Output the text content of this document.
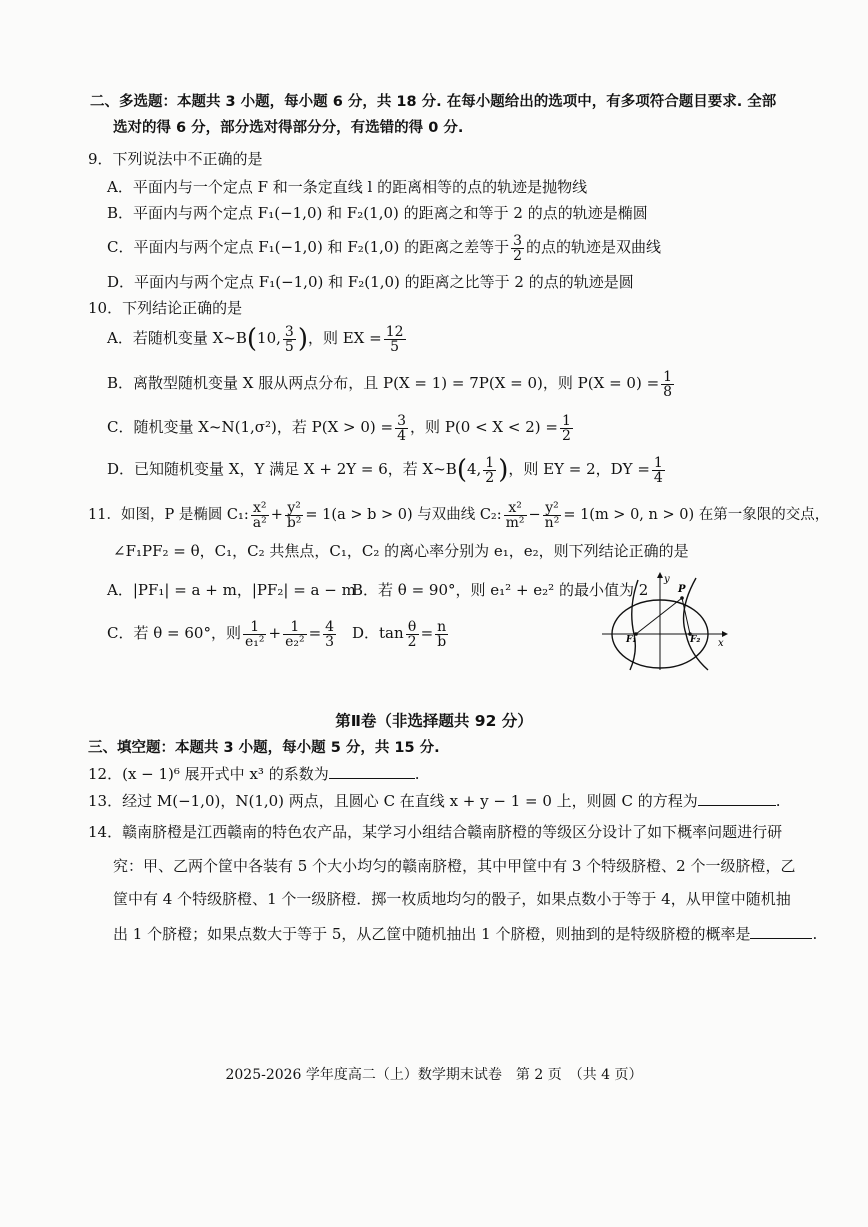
二、多选题：本题共 3 小题，每小题 6 分，共 18 分. 在每小题给出的选项中，有多项符合题目要求. 全部
选对的得 6 分，部分选对得部分分，有选错的得 0 分.
9．下列说法中不正确的是
A．平面内与一个定点 F 和一条定直线 l 的距离相等的点的轨迹是抛物线
B．平面内与两个定点 F₁(−1,0) 和 F₂(1,0) 的距离之和等于 2 的点的轨迹是椭圆
C．平面内与两个定点 F₁(−1,0) 和 F₂(1,0) 的距离之差等于 $\frac{3}{2}$ 的点的轨迹是双曲线
D．平面内与两个定点 F₁(−1,0) 和 F₂(1,0) 的距离之比等于 2 的点的轨迹是圆
10．下列结论正确的是
A．若随机变量 X~B(10, $\frac{3}{5}$ )，则 EX = $\frac{12}{5}$
B．离散型随机变量 X 服从两点分布，且 P(X = 1) = 7P(X = 0)，则 $P(X = 0) = \frac{1}{8}$
C．随机变量 X~N(1,σ²)，若 $P(X > 0) = \frac{3}{4}$ ，则 $P(0 < X < 2) = \frac{1}{2}$
D．已知随机变量 X，Y 满足 X + 2Y = 6，若 X~B(4, $\frac{1}{2}$ )，则 EY = 2，DY = $\frac{1}{4}$
11．如图，P 是椭圆 C₁: $\frac{\text{x²}}{\text{a²}} + \frac{\text{y²}}{\text{b²}} = 1(a > b > 0)$ 与双曲线 C₂: $\frac{\text{x²}}{\text{m²}} - \frac{\text{y²}}{\text{n²}} = 1(m > 0$, n > 0) 在第一象限的交点，
∠F₁PF₂ = θ，C₁，C₂ 共焦点，C₁，C₂ 的离心率分别为 e₁，e₂，则下列结论正确的是
A．|PF₁| = a + m，|PF₂| = a − m
B．若 θ = 90°，则 e₁² + e₂² 的最小值为 2
C．若 θ = 60°，则 $\frac{1}{\text{e₁²}} + \frac{1}{\text{e₂²}} = \frac{4}{3}$ D．$\tan \frac{\theta}{2} = \frac{n}{b}$
y
x
P
F₁	F₂
第Ⅱ卷（非选择题共 92 分）
三、填空题：本题共 3 小题，每小题 5 分，共 15 分.
12．(x − 1)⁶ 展开式中 x³ 的系数为	.
13．经过 M(−1,0)，N(1,0) 两点，且圆心 C 在直线 x + y − 1 = 0 上，则圆 C 的方程为	.
14．赣南脐橙是江西赣南的特色农产品，某学习小组结合赣南脐橙的等级区分设计了如下概率问题进行研
究：甲、乙两个筐中各装有 5 个大小均匀的赣南脐橙，其中甲筐中有 3 个特级脐橙、2 个一级脐橙，乙
筐中有 4 个特级脐橙、1 个一级脐橙．掷一枚质地均匀的骰子，如果点数小于等于 4，从甲筐中随机抽
出 1 个脐橙；如果点数大于等于 5，从乙筐中随机抽出 1 个脐橙，则抽到的是特级脐橙的概率是	.
2025-2026 学年度高二（上）数学期末试卷　第 2 页　（共 4 页）
